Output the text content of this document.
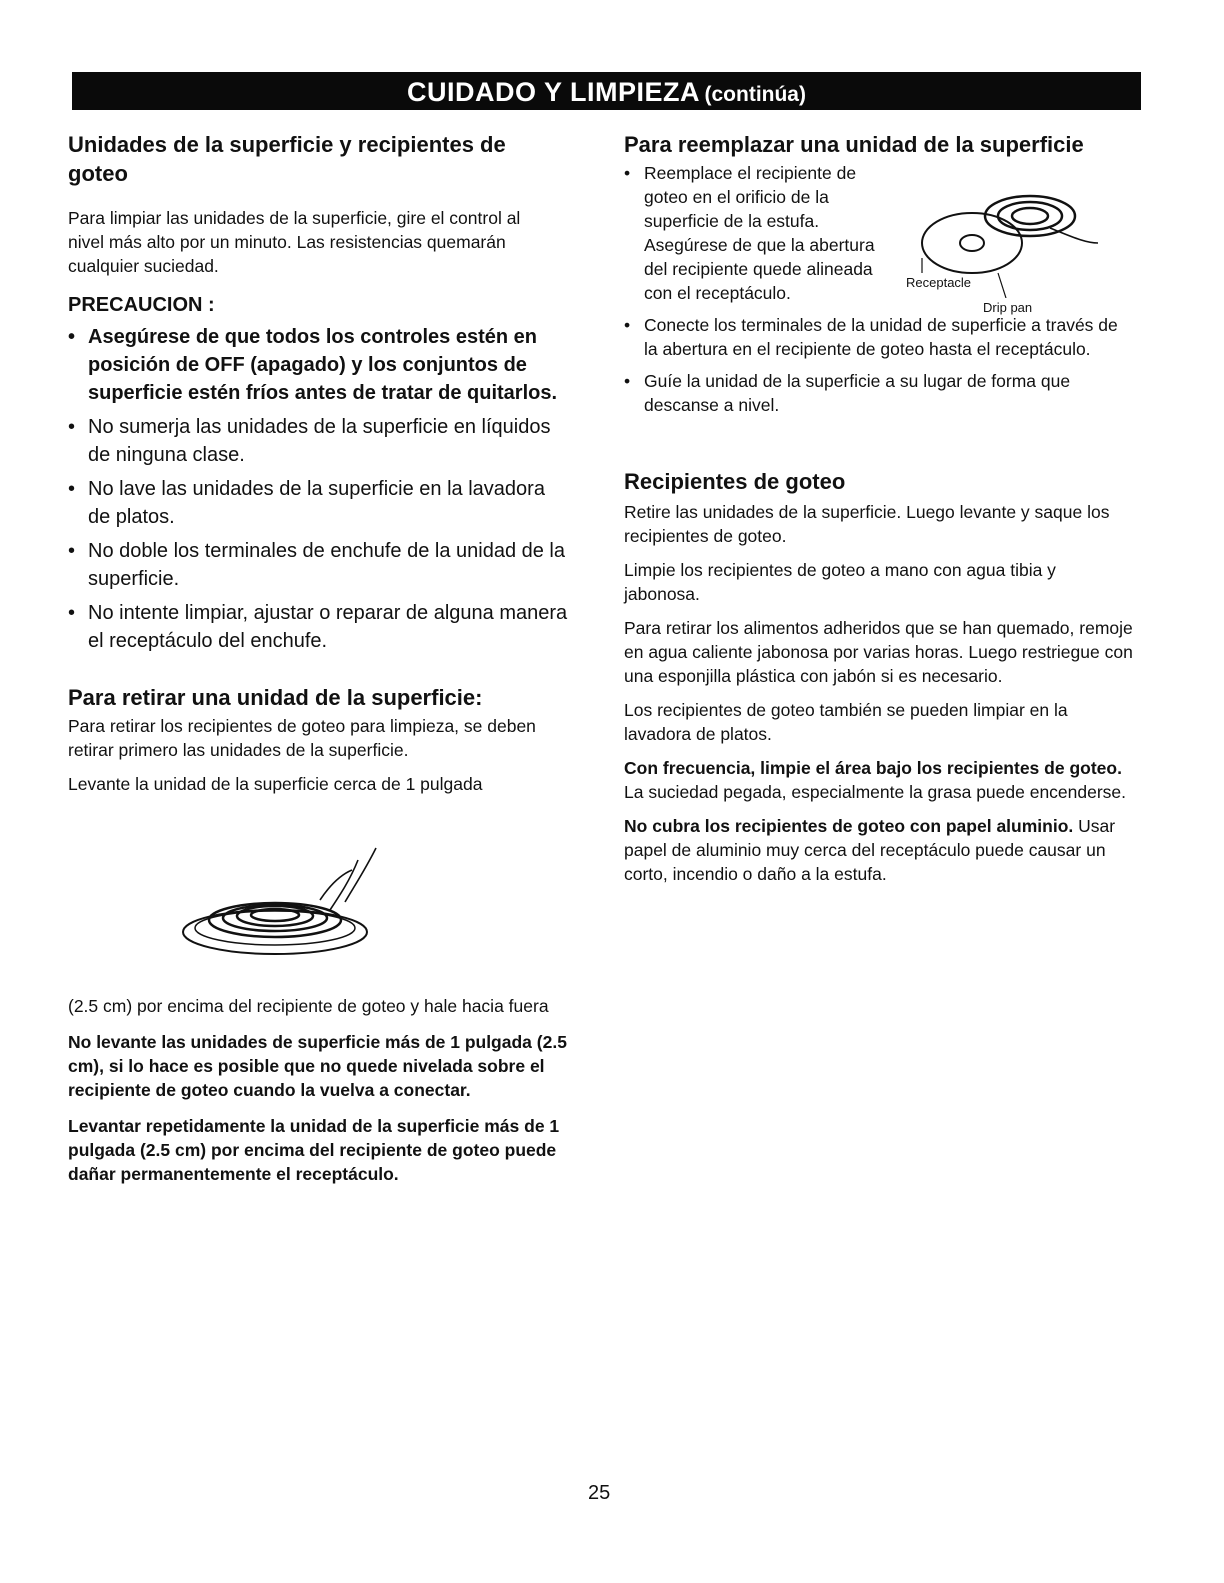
CUIDADO Y LIMPIEZA (continúa)
Unidades de la superficie y recipientes de goteo

Para limpiar las unidades de la superficie, gire el control al nivel más alto por un minuto. Las resistencias quemarán cualquier suciedad.

PRECAUCION :

• Asegúrese de que todos los controles estén en posición de OFF (apagado) y los conjuntos de superficie estén fríos antes de tratar de quitarlos.
• No sumerja las unidades de la superficie en líquidos de ninguna clase.
• No lave las unidades de la superficie en la lavadora de platos.
• No doble los terminales de enchufe de la unidad de la superficie.
• No intente limpiar, ajustar o reparar de alguna manera el receptáculo del enchufe.
Para retirar una unidad de la superficie:

Para retirar los recipientes de goteo para limpieza, se deben retirar primero las unidades de la superficie.

Levante la unidad de la superficie cerca de 1 pulgada

(2.5 cm) por encima del recipiente de goteo y hale hacia fuera

No levante las unidades de superficie más de 1 pulgada (2.5 cm), si lo hace es posible que no quede nivelada sobre el recipiente de goteo cuando la vuelva a conectar.

Levantar repetidamente la unidad de la superficie más de 1 pulgada (2.5 cm) por encima del recipiente de goteo puede dañar permanentemente el receptáculo.

Para reemplazar una unidad de la superficie
• Reemplace el recipiente de goteo en el orificio de la superficie de la estufa. Asegúrese de que la abertura del recipiente quede alineada con el receptáculo.
• Conecte los terminales de la unidad de superficie a través de la abertura en el recipiente de goteo hasta el receptáculo.
• Guíe la unidad de la superficie a su lugar de forma que descanse a nivel.
Recipientes de goteo

Retire las unidades de la superficie. Luego levante y saque los recipientes de goteo.

Limpie los recipientes de goteo a mano con agua tibia y jabonosa.

Para retirar los alimentos adheridos que se han quemado, remoje en agua caliente jabonosa por varias horas. Luego restriegue con una esponjilla plástica con jabón si es necesario.

Los recipientes de goteo también se pueden limpiar en la lavadora de platos.

Con frecuencia, limpie el área bajo los recipientes de goteo. La suciedad pegada, especialmente la grasa puede encenderse.

No cubra los recipientes de goteo con papel aluminio. Usar papel de aluminio muy cerca del receptáculo puede causar un corto, incendio o daño a la estufa.

Receptacle
Drip pan
25
